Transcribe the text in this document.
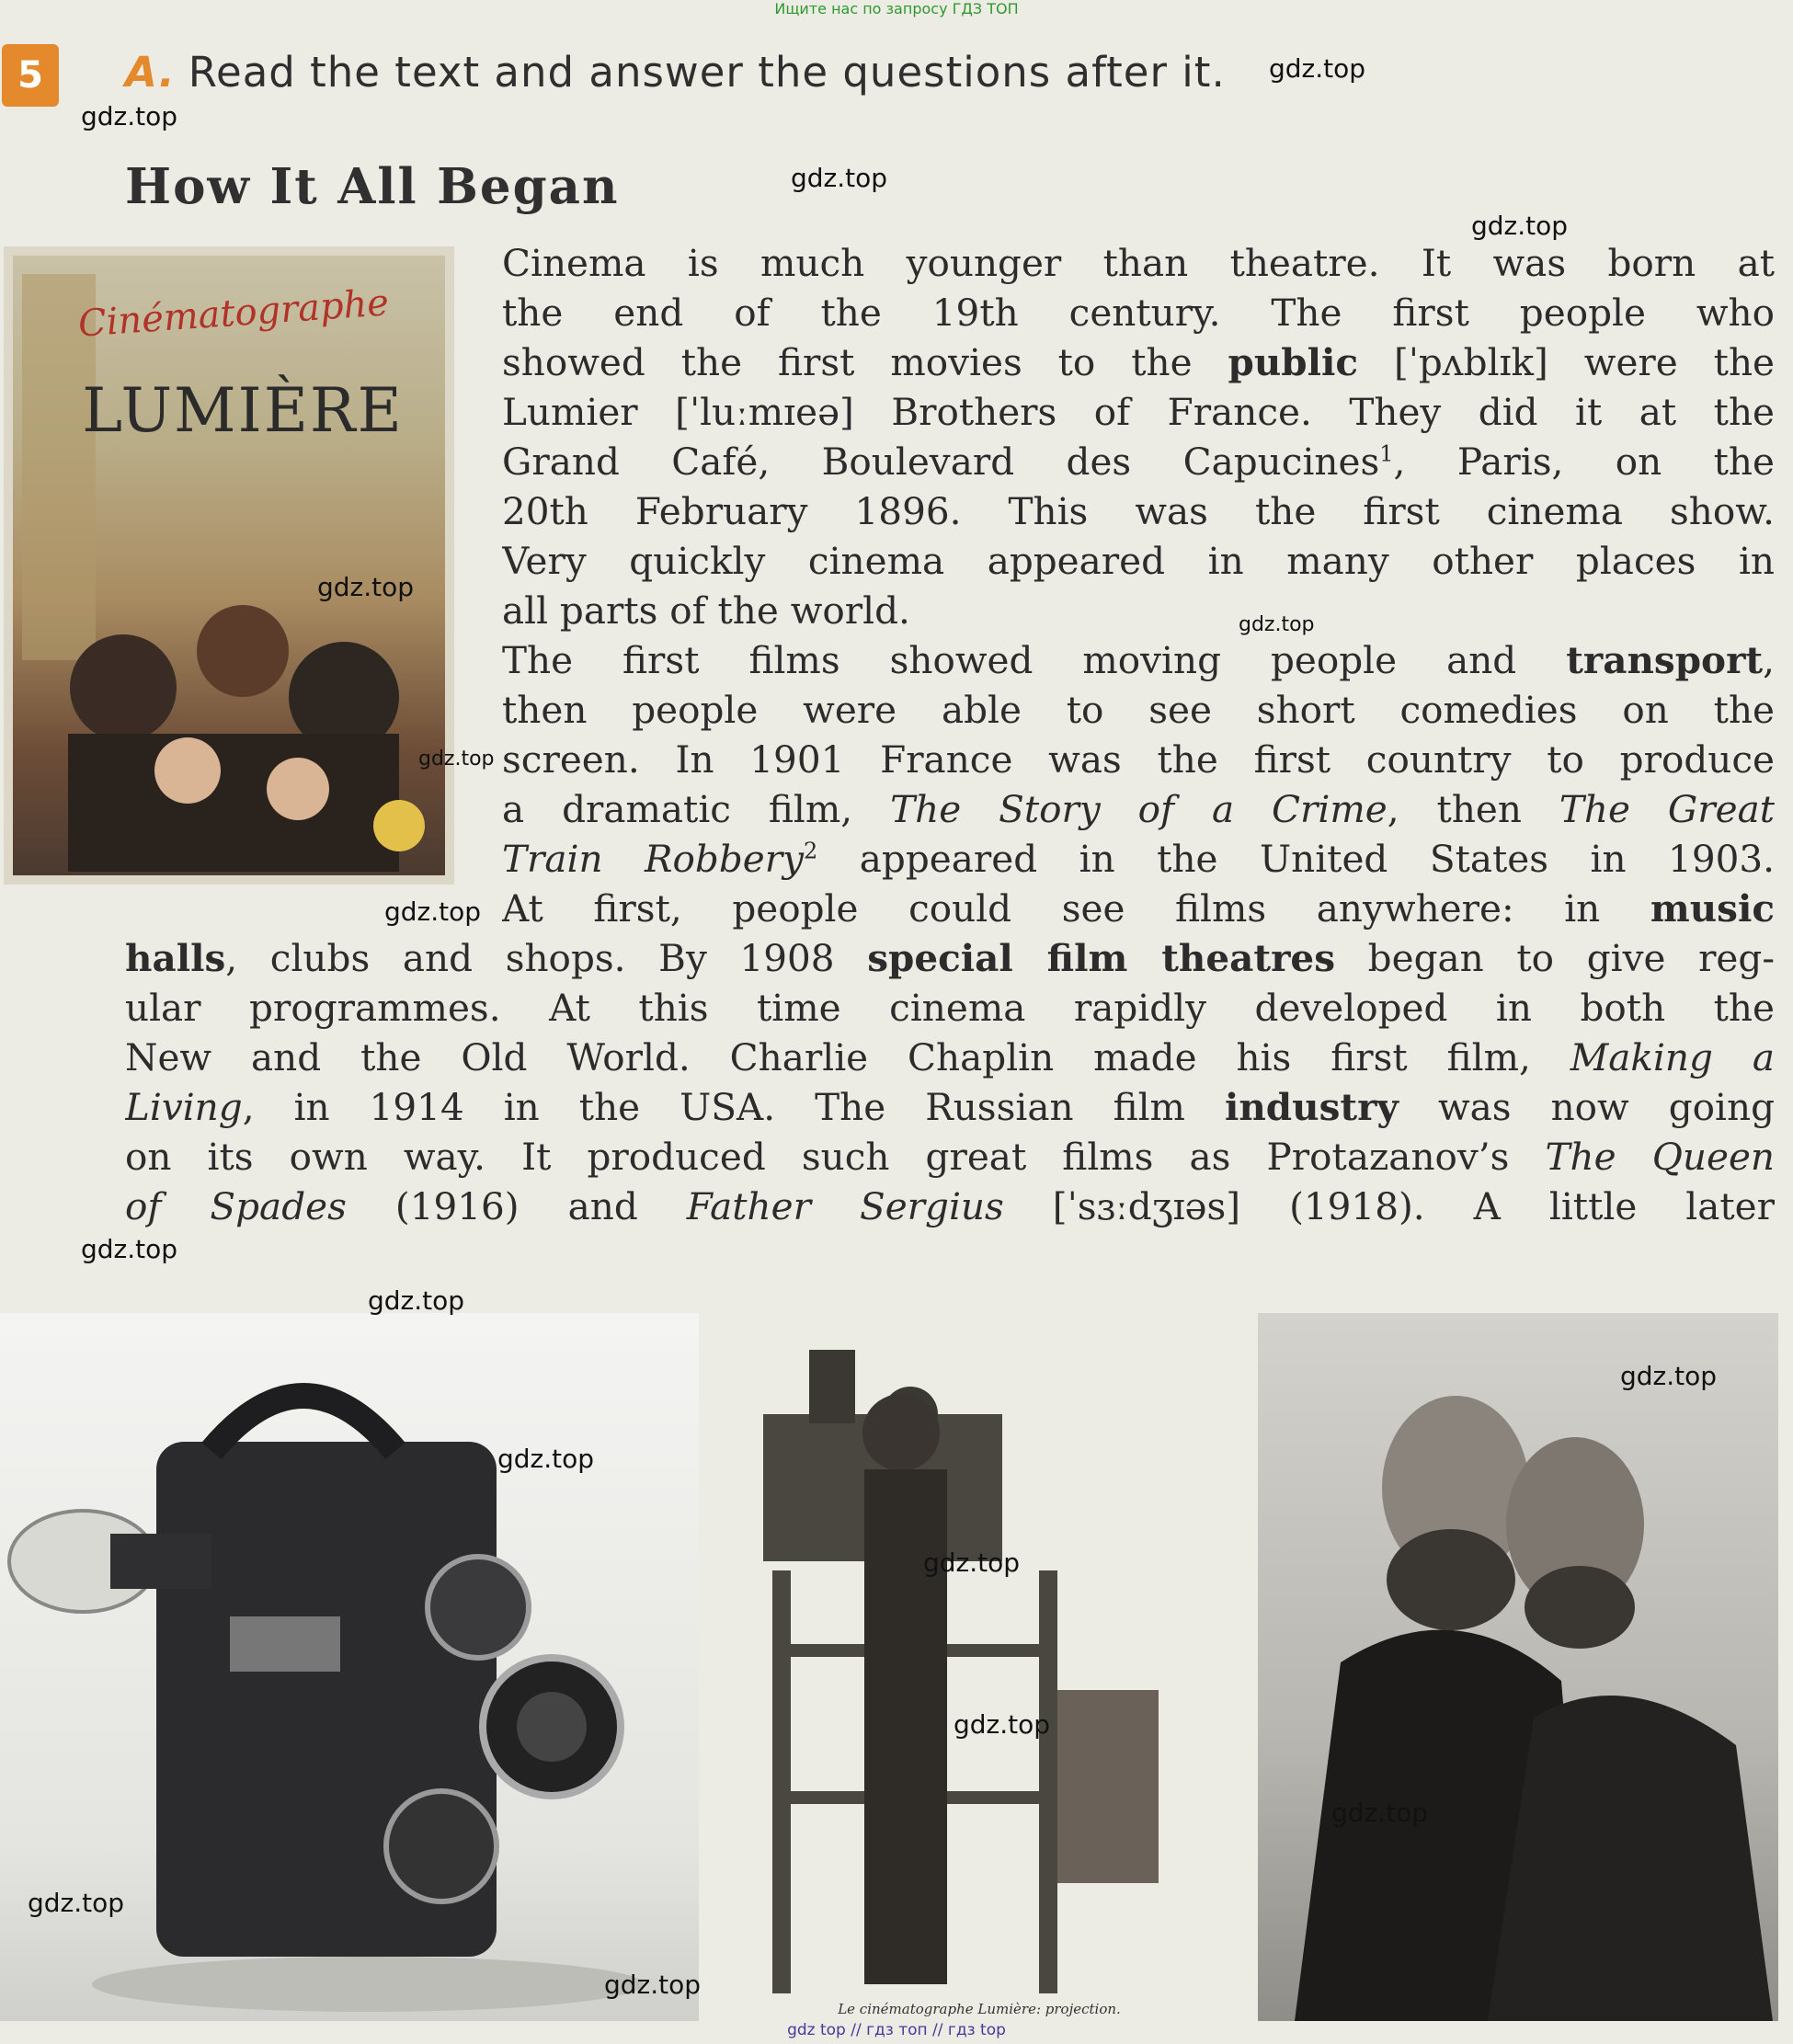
Ищите нас по запросу ГДЗ ТОП
5	A. Read the text and answer the questions after it.
How It All Began
Cinématographe
LUMIÈRE
Cinema is much younger than theatre. It was born at
the end of the 19th century. The first people who
showed the first movies to the public [ˈpʌblɪk] were the
Lumier [ˈluːmɪeə] Brothers of France. They did it at the
Grand Café, Boulevard des Capucines$^1$, Paris, on the
20th February 1896. This was the first cinema show.
Very quickly cinema appeared in many other places in
all parts of the world.
The first films showed moving people and transport,
then people were able to see short comedies on the
screen. In 1901 France was the first country to produce
a dramatic film, The Story of a Crime, then The Great
Train Robbery$^2$ appeared in the United States in 1903.
At first, people could see films anywhere: in music
halls, clubs and shops. By 1908 special film theatres began to give reg-
ular programmes. At this time cinema rapidly developed in both the
New and the Old World. Charlie Chaplin made his first film, Making a
Living, in 1914 in the USA. The Russian film industry was now going
on its own way. It produced such great films as Protazanov’s The Queen
of Spades (1916) and Father Sergius [ˈsɜːdʒɪəs] (1918). A little later
Le cinématographe Lumière: projection.
gdz.top
gdz.top
gdz.top
gdz.top
gdz.top
gdz.top
gdz.top
gdz.top
gdz.top
gdz.top
gdz.top
gdz.top
gdz.top
gdz.top
gdz.top
gdz.top
gdz.top
gdz top // гдз топ // гдз top
